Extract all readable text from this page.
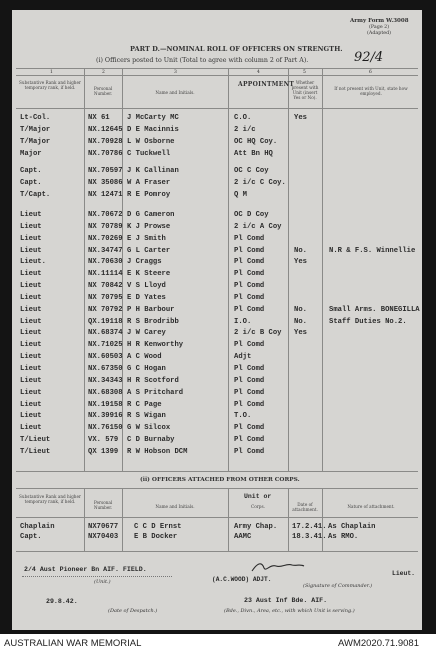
Army Form W.3008
(Page 2)
(Adapted)
PART D.—NOMINAL ROLL OF OFFICERS ON STRENGTH.
(i) Officers posted to Unit (Total to agree with column 2 of Part A).	92/4
1	2	3	4	5	6
Substantive Rank and higher temporary rank, if held.	Personal Number.	Name and Initials.
APPOINTMENT Whether present with Unit (insert Yes or No).
If not present with Unit, state how employed.
Lt-Col.	NX 61 J McCarty MC	C.O.	Yes
T/Major	NX.12645 D E Macinnis	2 i/c
T/Major	NX.70928 L W Osborne	OC HQ Coy.
Major	NX.70786 C Tuckwell	Att Bn HQ
Capt.	NX.70597 J K Callinan	OC C Coy
Capt.	NX 35086 W A Fraser	2 i/c C Coy.
T/Capt.	NX 12471 R E Pomroy	Q M
Lieut	NX.70672 D G Cameron	OC D Coy
Lieut	NX 70789 K J Prowse	2 i/c A Coy
Lieut	NX.70269 E J Smith	Pl Comd
Lieut	NX.34747 G L Carter	Pl Comd	No.	N.R & F.S. Winnellie
Lieut.	NX.70630 J Craggs	Pl Comd	Yes
Lieut	NX.11114 E K Steere	Pl Comd
Lieut	NX 70842 V S Lloyd	Pl Comd
Lieut	NX 70795 E D Yates	Pl Comd
Lieut	NX 70792 P H Barbour	Pl Comd	No.	Small Arms. BONEGILLA
Lieut	QX.19118 R S Brodribb	I.O.	No.	Staff Duties No.2.
Lieut	NX.68374 J W Carey	2 i/c B Coy Yes
Lieut	NX.71025 H R Kenworthy	Pl Comd
Lieut	NX.60503 A C Wood	Adjt
Lieut	NX.67350 G C Hogan	Pl Comd
Lieut	NX.34343 H R Scotford	Pl Comd
Lieut	NX.68308 A S Pritchard	Pl Comd
Lieut	NX.19158 R C Page	Pl Comd
Lieut	NX.39916 R S Wigan	T.O.
Lieut	NX.76150 G W Silcox	Pl Comd
T/Lieut	VX. 579 C D Burnaby	Pl Comd
T/Lieut	QX 1399 R W Hobson DCM	Pl Comd
(ii) OFFICERS ATTACHED FROM OTHER CORPS.
Substantive Rank and higher temporary rank, if held.	Personal Number.	Name and Initials.
Unit or
Corps.	Date of attachment.
Nature of attachment.
Chaplain	NX70677 C C D Ernst	Army Chap. 17.2.41. As Chaplain
Capt.	NX70403 E B Docker	AAMC	18.3.41. As RMO.
2/4 Aust Pioneer Bn AIF. FIELD.
(Unit.)	(A.C.WOOD) ADJT.
Lieut.
(Signature of Commander.)
29.8.42.
(Date of Despatch.)
23 Aust Inf Bde. AIF.
(Bde., Divn., Area, etc., with which Unit is serving.)
AUSTRALIAN WAR MEMORIAL	AWM2020.71.9081
